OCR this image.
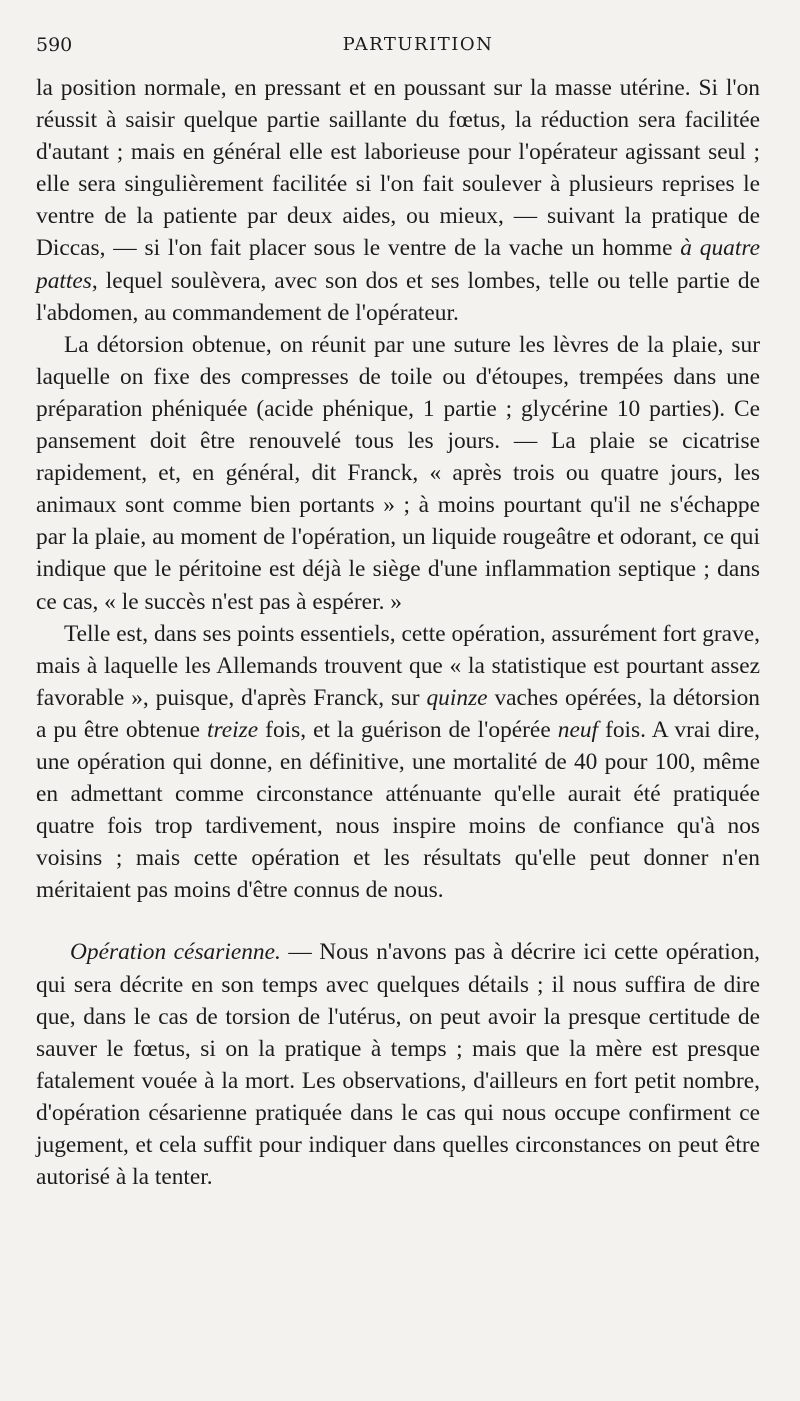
590	PARTURITION

la position normale, en pressant et en poussant sur la masse utérine. Si l'on réussit à saisir quelque partie saillante du fœtus, la réduction sera facilitée d'autant ; mais en général elle est laborieuse pour l'opérateur agissant seul ; elle sera singulièrement facilitée si l'on fait soulever à plusieurs reprises le ventre de la patiente par deux aides, ou mieux, — suivant la pratique de Diccas, — si l'on fait placer sous le ventre de la vache un homme à quatre pattes, lequel soulèvera, avec son dos et ses lombes, telle ou telle partie de l'abdomen, au commandement de l'opérateur.

La détorsion obtenue, on réunit par une suture les lèvres de la plaie, sur laquelle on fixe des compresses de toile ou d'étoupes, trempées dans une préparation phéniquée (acide phénique, 1 partie ; glycérine 10 parties). Ce pansement doit être renouvelé tous les jours. — La plaie se cicatrise rapidement, et, en général, dit Franck, « après trois ou quatre jours, les animaux sont comme bien portants » ; à moins pourtant qu'il ne s'échappe par la plaie, au moment de l'opération, un liquide rougeâtre et odorant, ce qui indique que le péritoine est déjà le siège d'une inflammation septique ; dans ce cas, « le succès n'est pas à espérer. »

Telle est, dans ses points essentiels, cette opération, assurément fort grave, mais à laquelle les Allemands trouvent que « la statistique est pourtant assez favorable », puisque, d'après Franck, sur quinze vaches opérées, la détorsion a pu être obtenue treize fois, et la guérison de l'opérée neuf fois. A vrai dire, une opération qui donne, en définitive, une mortalité de 40 pour 100, même en admettant comme circonstance atténuante qu'elle aurait été pratiquée quatre fois trop tardivement, nous inspire moins de confiance qu'à nos voisins ; mais cette opération et les résultats qu'elle peut donner n'en méritaient pas moins d'être connus de nous.

Opération césarienne. — Nous n'avons pas à décrire ici cette opération, qui sera décrite en son temps avec quelques détails ; il nous suffira de dire que, dans le cas de torsion de l'utérus, on peut avoir la presque certitude de sauver le fœtus, si on la pratique à temps ; mais que la mère est presque fatalement vouée à la mort. Les observations, d'ailleurs en fort petit nombre, d'opération césarienne pratiquée dans le cas qui nous occupe confirment ce jugement, et cela suffit pour indiquer dans quelles circonstances on peut être autorisé à la tenter.
